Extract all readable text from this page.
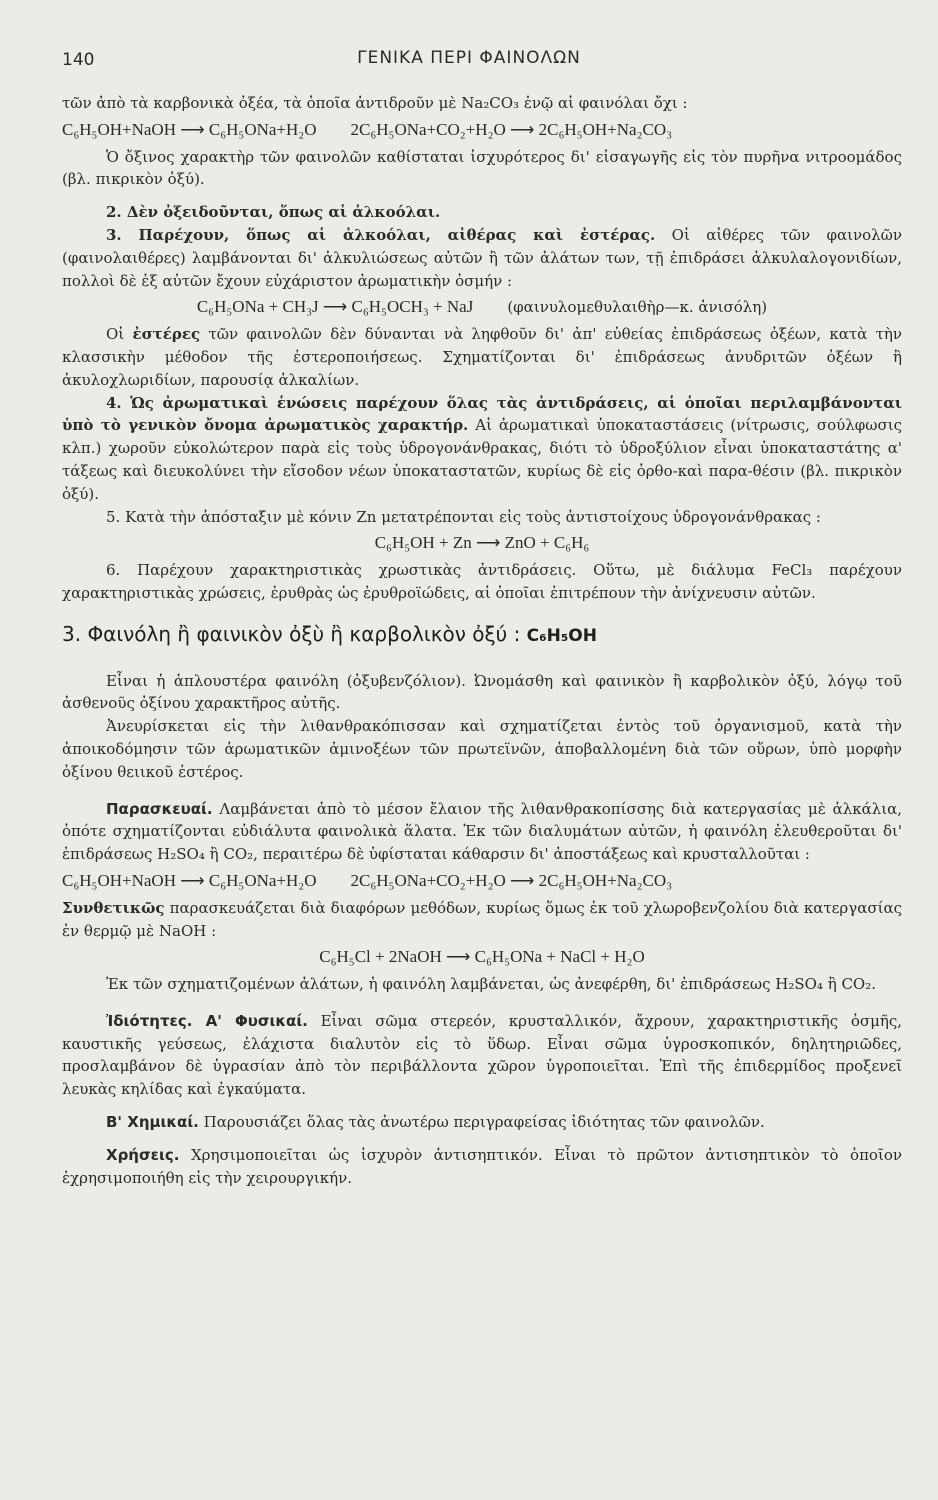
140	ΓΕΝΙΚΑ ΠΕΡΙ ΦΑΙΝΟΛΩΝ

τῶν ἀπὸ τὰ καρβονικὰ ὀξέα, τὰ ὁποῖα ἀντιδροῦν μὲ Na₂CO₃ ἐνῷ αἱ φαινόλαι ὄχι :

C₆H₅OH+NaOH ⟶ C₆H₅ONa+H₂O 2C₆H₅ONa+CO₂+H₂O ⟶ 2C₆H₅OH+Na₂CO₃

Ὁ ὄξινος χαρακτὴρ τῶν φαινολῶν καθίσταται ἰσχυρότερος δι' εἰσαγωγῆς εἰς τὸν πυρῆνα νιτροομάδος (βλ. πικρικὸν ὀξύ).

2. Δὲν ὀξειδοῦνται, ὅπως αἱ ἀλκοόλαι.

3. Παρέχουν, ὅπως αἱ ἀλκοόλαι, αἰθέρας καὶ ἐστέρας. Οἱ αἰθέρες τῶν φαινολῶν (φαινολαιθέρες) λαμβάνονται δι' ἀλκυλιώσεως αὐτῶν ἢ τῶν ἀλάτων των, τῇ ἐπιδράσει ἀλκυλαλογονιδίων, πολλοὶ δὲ ἐξ αὐτῶν ἔχουν εὐχάριστον ἀρωματικὴν ὀσμήν :

C₆H₅ONa + CH₃J ⟶ C₆H₅OCH₃ + NaJ (φαινυλομεθυλαιθὴρ—κ. ἀνισόλη)

Οἱ ἐστέρες τῶν φαινολῶν δὲν δύνανται νὰ ληφθοῦν δι' ἀπ' εὐθείας ἐπιδράσεως ὀξέων, κατὰ τὴν κλασσικὴν μέθοδον τῆς ἐστεροποιήσεως. Σχηματίζονται δι' ἐπιδράσεως ἀνυδριτῶν ὀξέων ἢ ἀκυλοχλωριδίων, παρουσίᾳ ἀλκαλίων.

4. Ὡς ἀρωματικαὶ ἑνώσεις παρέχουν ὅλας τὰς ἀντιδράσεις, αἱ ὁποῖαι περιλαμβάνονται ὑπὸ τὸ γενικὸν ὄνομα ἀρωματικὸς χαρακτήρ. Αἱ ἀρωματικαὶ ὑποκαταστάσεις (νίτρωσις, σούλφωσις κλπ.) χωροῦν εὐκολώτερον παρὰ εἰς τοὺς ὑδρογονάνθρακας, διότι τὸ ὑδροξύλιον εἶναι ὑποκαταστάτης α' τάξεως καὶ διευκολύνει τὴν εἴσοδον νέων ὑποκαταστατῶν, κυρίως δὲ εἰς ὀρθο-καὶ παρα-θέσιν (βλ. πικρικὸν ὀξύ).

5. Κατὰ τὴν ἀπόσταξιν μὲ κόνιν Zn μετατρέπονται εἰς τοὺς ἀντιστοίχους ὑδρογονάνθρακας :

C₆H₅OH + Zn ⟶ ZnO + C₆H₆

6. Παρέχουν χαρακτηριστικὰς χρωστικὰς ἀντιδράσεις. Οὕτω, μὲ διάλυμα FeCl₃ παρέχουν χαρακτηριστικὰς χρώσεις, ἐρυθρὰς ὡς ἐρυθροϊώδεις, αἱ ὁποῖαι ἐπιτρέπουν τὴν ἀνίχνευσιν αὐτῶν.

3. Φαινόλη ἢ φαινικὸν ὀξὺ ἢ καρβολικὸν ὀξύ : C₆H₅OH

Εἶναι ἡ ἁπλουστέρα φαινόλη (ὀξυβενζόλιον). Ὠνομάσθη καὶ φαινικὸν ἢ καρβολικὸν ὀξύ, λόγῳ τοῦ ἀσθενοῦς ὀξίνου χαρακτῆρος αὐτῆς.

Ἀνευρίσκεται εἰς τὴν λιθανθρακόπισσαν καὶ σχηματίζεται ἐντὸς τοῦ ὀργανισμοῦ, κατὰ τὴν ἀποικοδόμησιν τῶν ἀρωματικῶν ἀμινοξέων τῶν πρωτεϊνῶν, ἀποβαλλομένη διὰ τῶν οὔρων, ὑπὸ μορφὴν ὀξίνου θειικοῦ ἐστέρος.

Παρασκευαί. Λαμβάνεται ἀπὸ τὸ μέσον ἔλαιον τῆς λιθανθρακοπίσσης διὰ κατεργασίας μὲ ἀλκάλια, ὁπότε σχηματίζονται εὐδιάλυτα φαινολικὰ ἅλατα. Ἐκ τῶν διαλυμάτων αὐτῶν, ἡ φαινόλη ἐλευθεροῦται δι' ἐπιδράσεως H₂SO₄ ἢ CO₂, περαιτέρω δὲ ὑφίσταται κάθαρσιν δι' ἀποστάξεως καὶ κρυσταλλοῦται :

C₆H₅OH+NaOH ⟶ C₆H₅ONa+H₂O 2C₆H₅ONa+CO₂+H₂O ⟶ 2C₆H₅OH+Na₂CO₃

Συνθετικῶς παρασκευάζεται διὰ διαφόρων μεθόδων, κυρίως ὅμως ἐκ τοῦ χλωροβενζολίου διὰ κατεργασίας ἐν θερμῷ μὲ NaOH :

C₆H₅Cl + 2NaOH ⟶ C₆H₅ONa + NaCl + H₂O

Ἐκ τῶν σχηματιζομένων ἀλάτων, ἡ φαινόλη λαμβάνεται, ὡς ἀνεφέρθη, δι' ἐπιδράσεως H₂SO₄ ἢ CO₂.

Ἰδιότητες. Α' Φυσικαί. Εἶναι σῶμα στερεόν, κρυσταλλικόν, ἄχρουν, χαρακτηριστικῆς ὀσμῆς, καυστικῆς γεύσεως, ἐλάχιστα διαλυτὸν εἰς τὸ ὕδωρ. Εἶναι σῶμα ὑγροσκοπικόν, δηλητηριῶδες, προσλαμβάνον δὲ ὑγρασίαν ἀπὸ τὸν περιβάλλοντα χῶρον ὑγροποιεῖται. Ἐπὶ τῆς ἐπιδερμίδος προξενεῖ λευκὰς κηλίδας καὶ ἐγκαύματα.

Β' Χημικαί. Παρουσιάζει ὅλας τὰς ἀνωτέρω περιγραφείσας ἰδιότητας τῶν φαινολῶν.

Χρήσεις. Χρησιμοποιεῖται ὡς ἰσχυρὸν ἀντισηπτικόν. Εἶναι τὸ πρῶτον ἀντισηπτικὸν τὸ ὁποῖον ἐχρησιμοποιήθη εἰς τὴν χειρουργικήν.
